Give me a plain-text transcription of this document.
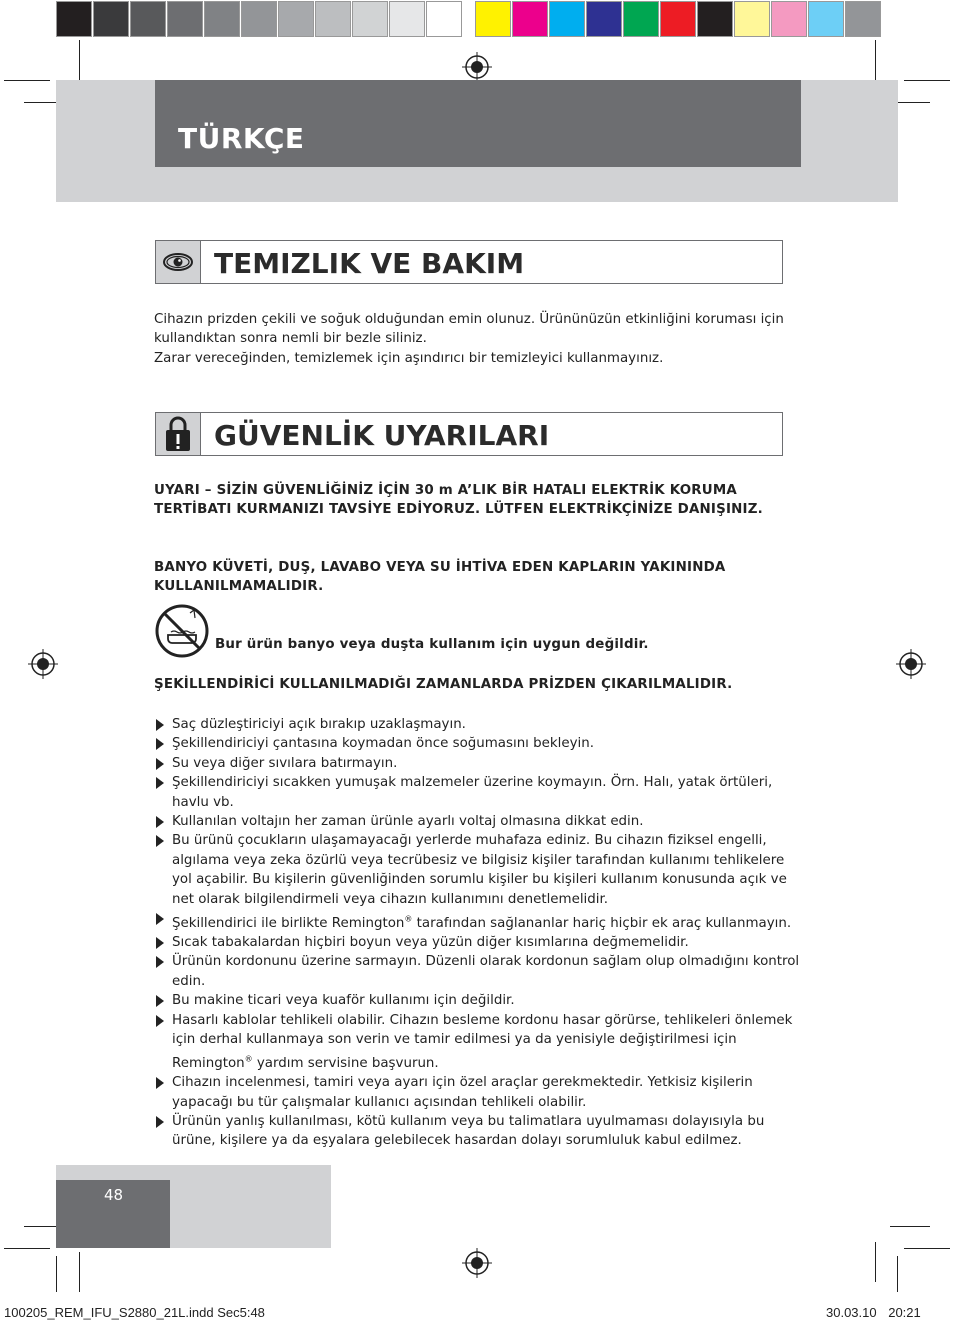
TÜRKÇE
TEMIZLIK VE BAKIM
Cihazın prizden çekili ve soğuk olduğundan emin olunuz. Ürününüzün etkinliğini koruması için kullandıktan sonra nemli bir bezle siliniz.
Zarar vereceğinden, temizlemek için aşındırıcı bir temizleyici kullanmayınız.
GÜVENLİK UYARILARI
UYARI – SİZİN GÜVENLİĞİNİZ İÇİN 30 m A’LIK BİR HATALI ELEKTRİK KORUMA TERTİBATI KURMANIZI TAVSİYE EDİYORUZ. LÜTFEN ELEKTRİKÇİNİZE DANIŞINIZ.
BANYO KÜVETİ, DUŞ, LAVABO VEYA SU İHTİVA EDEN KAPLARIN YAKININDA KULLANILMAMALIDIR.
Bur ürün banyo veya duşta kullanım için uygun değildir.
ŞEKİLLENDİRİCİ KULLANILMADIĞI ZAMANLARDA PRİZDEN ÇIKARILMALIDIR.
Saç düzleştiriciyi açık bırakıp uzaklaşmayın.
Şekillendiriciyi çantasına koymadan önce soğumasını bekleyin.
Su veya diğer sıvılara batırmayın.
Şekillendiriciyi sıcakken yumuşak malzemeler üzerine koymayın. Örn. Halı, yatak örtüleri, havlu vb.
Kullanılan voltajın her zaman ürünle ayarlı voltaj olmasına dikkat edin.
Bu ürünü çocukların ulaşamayacağı yerlerde muhafaza ediniz. Bu cihazın fiziksel engelli, algılama veya zeka özürlü veya tecrübesiz ve bilgisiz kişiler tarafından kullanımı tehlikelere yol açabilir. Bu kişilerin güvenliğinden sorumlu kişiler bu kişileri kullanım konusunda açık ve net olarak bilgilendirmeli veya cihazın kullanımını denetlemelidir.
Şekillendirici ile birlikte Remington® tarafından sağlananlar hariç hiçbir ek araç kullanmayın.
Sıcak tabakalardan hiçbiri boyun veya yüzün diğer kısımlarına değmemelidir.
Ürünün kordonunu üzerine sarmayın. Düzenli olarak kordonun sağlam olup olmadığını kontrol edin.
Bu makine ticari veya kuaför kullanımı için değildir.
Hasarlı kablolar tehlikeli olabilir. Cihazın besleme kordonu hasar görürse, tehlikeleri önlemek için derhal kullanmaya son verin ve tamir edilmesi ya da yenisiyle değiştirilmesi için Remington® yardım servisine başvurun.
Cihazın incelenmesi, tamiri veya ayarı için özel araçlar gerekmektedir. Yetkisiz kişilerin yapacağı bu tür çalışmalar kullanıcı açısından tehlikeli olabilir.
Ürünün yanlış kullanılması, kötü kullanım veya bu talimatlara uyulmaması dolayısıyla bu ürüne, kişilere ya da eşyalara gelebilecek hasardan dolayı sorumluluk kabul edilmez.
48
100205_REM_IFU_S2880_21L.indd Sec5:48	30.03.10 20:21
